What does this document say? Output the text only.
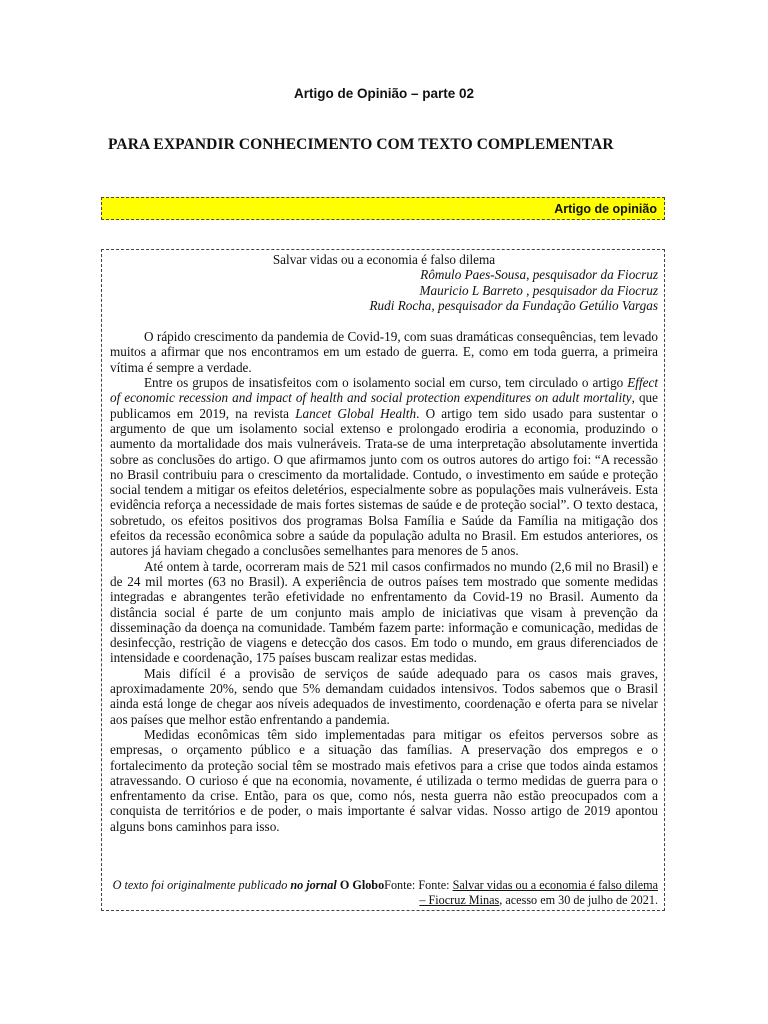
Artigo de Opinião – parte 02
PARA EXPANDIR CONHECIMENTO COM TEXTO COMPLEMENTAR
Artigo de opinião

Salvar vidas ou a economia é falso dilema

Rômulo Paes-Sousa, pesquisador da Fiocruz

Mauricio L Barreto , pesquisador da Fiocruz

Rudi Rocha, pesquisador da Fundação Getúlio Vargas

O rápido crescimento da pandemia de Covid-19, com suas dramáticas consequências, tem levado muitos a afirmar que nos encontramos em um estado de guerra. E, como em toda guerra, a primeira vítima é sempre a verdade.

Entre os grupos de insatisfeitos com o isolamento social em curso, tem circulado o artigo Effect of economic recession and impact of health and social protection expenditures on adult mortality, que publicamos em 2019, na revista Lancet Global Health. O artigo tem sido usado para sustentar o argumento de que um isolamento social extenso e prolongado erodiria a economia, produzindo o aumento da mortalidade dos mais vulneráveis. Trata-se de uma interpretação absolutamente invertida sobre as conclusões do artigo. O que afirmamos junto com os outros autores do artigo foi: “A recessão no Brasil contribuiu para o crescimento da mortalidade. Contudo, o investimento em saúde e proteção social tendem a mitigar os efeitos deletérios, especialmente sobre as populações mais vulneráveis. Esta evidência reforça a necessidade de mais fortes sistemas de saúde e de proteção social”. O texto destaca, sobretudo, os efeitos positivos dos programas Bolsa Família e Saúde da Família na mitigação dos efeitos da recessão econômica sobre a saúde da população adulta no Brasil. Em estudos anteriores, os autores já haviam chegado a conclusões semelhantes para menores de 5 anos.

Até ontem à tarde, ocorreram mais de 521 mil casos confirmados no mundo (2,6 mil no Brasil) e de 24 mil mortes (63 no Brasil). A experiência de outros países tem mostrado que somente medidas integradas e abrangentes terão efetividade no enfrentamento da Covid-19 no Brasil. Aumento da distância social é parte de um conjunto mais amplo de iniciativas que visam à prevenção da disseminação da doença na comunidade. Também fazem parte: informação e comunicação, medidas de desinfecção, restrição de viagens e detecção dos casos. Em todo o mundo, em graus diferenciados de intensidade e coordenação, 175 países buscam realizar estas medidas.

Mais difícil é a provisão de serviços de saúde adequado para os casos mais graves, aproximadamente 20%, sendo que 5% demandam cuidados intensivos. Todos sabemos que o Brasil ainda está longe de chegar aos níveis adequados de investimento, coordenação e oferta para se nivelar aos países que melhor estão enfrentando a pandemia.

Medidas econômicas têm sido implementadas para mitigar os efeitos perversos sobre as empresas, o orçamento público e a situação das famílias. A preservação dos empregos e o fortalecimento da proteção social têm se mostrado mais efetivos para a crise que todos ainda estamos atravessando. O curioso é que na economia, novamente, é utilizada o termo medidas de guerra para o enfrentamento da crise. Então, para os que, como nós, nesta guerra não estão preocupados com a conquista de territórios e de poder, o mais importante é salvar vidas. Nosso artigo de 2019 apontou alguns bons caminhos para isso.

O texto foi originalmente publicado no jornal O GloboFonte: Fonte: Salvar vidas ou a economia é falso dilema – Fiocruz Minas, acesso em 30 de julho de 2021.
